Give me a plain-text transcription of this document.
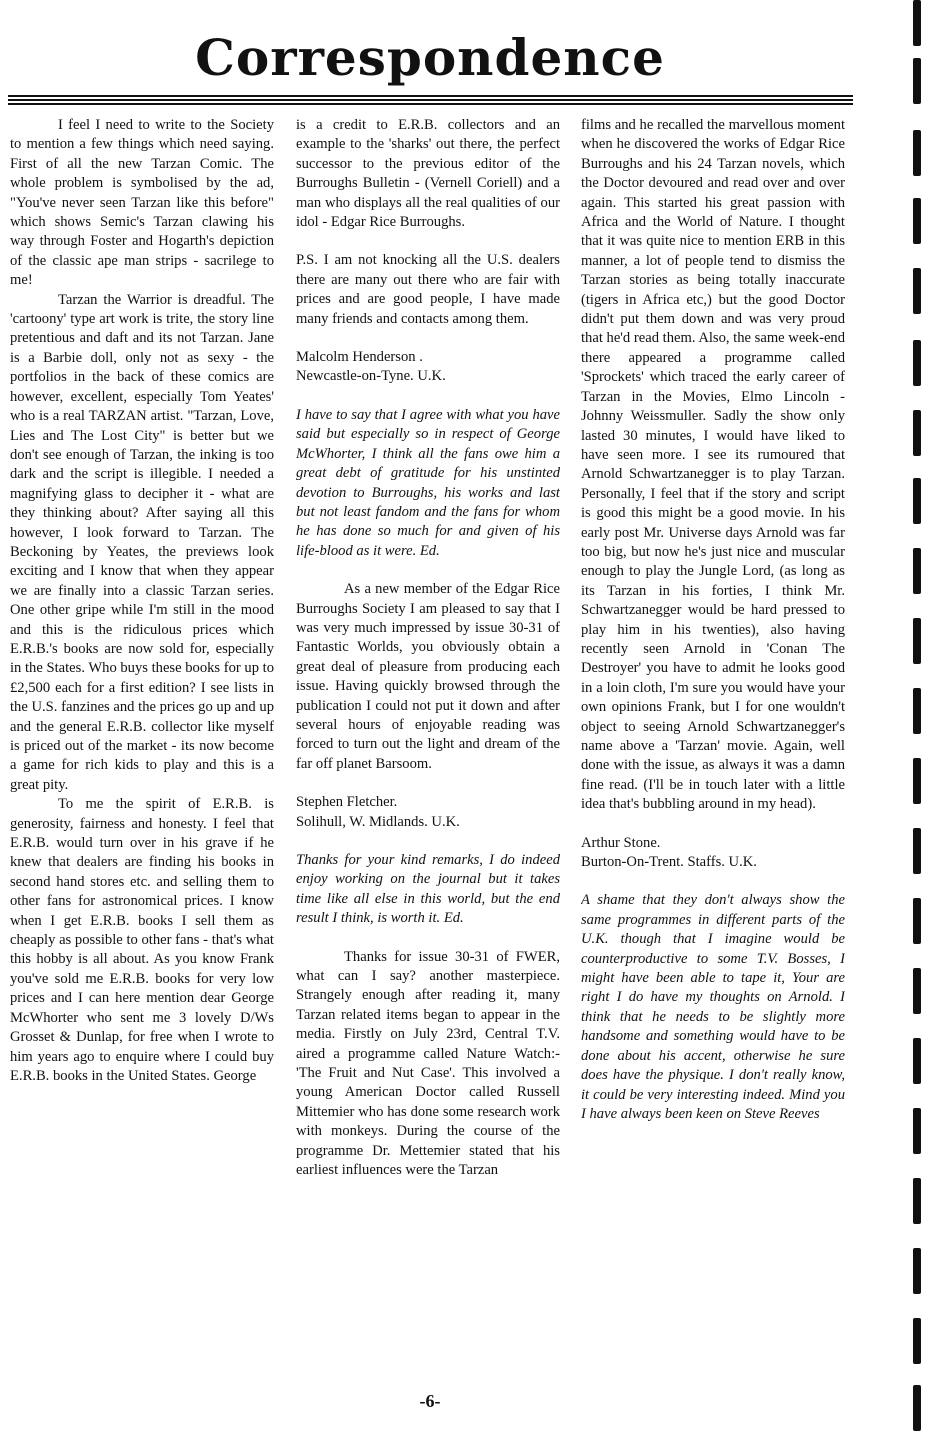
Correspondence

I feel I need to write to the Society to mention a few things which need saying. First of all the new Tarzan Comic. The whole problem is symbolised by the ad, "You've never seen Tarzan like this before" which shows Semic's Tarzan clawing his way through Foster and Hogarth's depiction of the classic ape man strips - sacrilege to me!

Tarzan the Warrior is dreadful. The 'cartoony' type art work is trite, the story line pretentious and daft and its not Tarzan. Jane is a Barbie doll, only not as sexy - the portfolios in the back of these comics are however, excellent, especially Tom Yeates' who is a real TARZAN artist. "Tarzan, Love, Lies and The Lost City" is better but we don't see enough of Tarzan, the inking is too dark and the script is illegible. I needed a magnifying glass to decipher it - what are they thinking about? After saying all this however, I look forward to Tarzan. The Beckoning by Yeates, the previews look exciting and I know that when they appear we are finally into a classic Tarzan series. One other gripe while I'm still in the mood and this is the ridiculous prices which E.R.B.'s books are now sold for, especially in the States. Who buys these books for up to £2,500 each for a first edition? I see lists in the U.S. fanzines and the prices go up and up and the general E.R.B. collector like myself is priced out of the market - its now become a game for rich kids to play and this is a great pity.

To me the spirit of E.R.B. is generosity, fairness and honesty. I feel that E.R.B. would turn over in his grave if he knew that dealers are finding his books in second hand stores etc. and selling them to other fans for astronomical prices. I know when I get E.R.B. books I sell them as cheaply as possible to other fans - that's what this hobby is all about. As you know Frank you've sold me E.R.B. books for very low prices and I can here mention dear George McWhorter who sent me 3 lovely D/Ws Grosset & Dunlap, for free when I wrote to him years ago to enquire where I could buy E.R.B. books in the United States. George

is a credit to E.R.B. collectors and an example to the 'sharks' out there, the perfect successor to the previous editor of the Burroughs Bulletin - (Vernell Coriell) and a man who displays all the real qualities of our idol - Edgar Rice Burroughs.

P.S. I am not knocking all the U.S. dealers there are many out there who are fair with prices and are good people, I have made many friends and contacts among them.

Malcolm Henderson .

Newcastle-on-Tyne. U.K.

I have to say that I agree with what you have said but especially so in respect of George McWhorter, I think all the fans owe him a great debt of gratitude for his unstinted devotion to Burroughs, his works and last but not least fandom and the fans for whom he has done so much for and given of his life-blood as it were. Ed.

As a new member of the Edgar Rice Burroughs Society I am pleased to say that I was very much impressed by issue 30-31 of Fantastic Worlds, you obviously obtain a great deal of pleasure from producing each issue. Having quickly browsed through the publication I could not put it down and after several hours of enjoyable reading was forced to turn out the light and dream of the far off planet Barsoom.

Stephen Fletcher.

Solihull, W. Midlands. U.K.

Thanks for your kind remarks, I do indeed enjoy working on the journal but it takes time like all else in this world, but the end result I think, is worth it. Ed.

Thanks for issue 30-31 of FWER, what can I say? another masterpiece. Strangely enough after reading it, many Tarzan related items began to appear in the media. Firstly on July 23rd, Central T.V. aired a programme called Nature Watch:- 'The Fruit and Nut Case'. This involved a young American Doctor called Russell Mittemier who has done some research work with monkeys. During the course of the programme Dr. Mettemier stated that his earliest influences were the Tarzan

films and he recalled the marvellous moment when he discovered the works of Edgar Rice Burroughs and his 24 Tarzan novels, which the Doctor devoured and read over and over again. This started his great passion with Africa and the World of Nature. I thought that it was quite nice to mention ERB in this manner, a lot of people tend to dismiss the Tarzan stories as being totally inaccurate (tigers in Africa etc,) but the good Doctor didn't put them down and was very proud that he'd read them. Also, the same week-end there appeared a programme called 'Sprockets' which traced the early career of Tarzan in the Movies, Elmo Lincoln - Johnny Weissmuller. Sadly the show only lasted 30 minutes, I would have liked to have seen more. I see its rumoured that Arnold Schwartzanegger is to play Tarzan. Personally, I feel that if the story and script is good this might be a good movie. In his early post Mr. Universe days Arnold was far too big, but now he's just nice and muscular enough to play the Jungle Lord, (as long as its Tarzan in his forties, I think Mr. Schwartzanegger would be hard pressed to play him in his twenties), also having recently seen Arnold in 'Conan The Destroyer' you have to admit he looks good in a loin cloth, I'm sure you would have your own opinions Frank, but I for one wouldn't object to seeing Arnold Schwartzanegger's name above a 'Tarzan' movie. Again, well done with the issue, as always it was a damn fine read. (I'll be in touch later with a little idea that's bubbling around in my head).

Arthur Stone.

Burton-On-Trent. Staffs. U.K.

A shame that they don't always show the same programmes in different parts of the U.K. though that I imagine would be counterproductive to some T.V. Bosses, I might have been able to tape it, Your are right I do have my thoughts on Arnold. I think that he needs to be slightly more handsome and something would have to be done about his accent, otherwise he sure does have the physique. I don't really know, it could be very interesting indeed. Mind you I have always been keen on Steve Reeves

-6-
